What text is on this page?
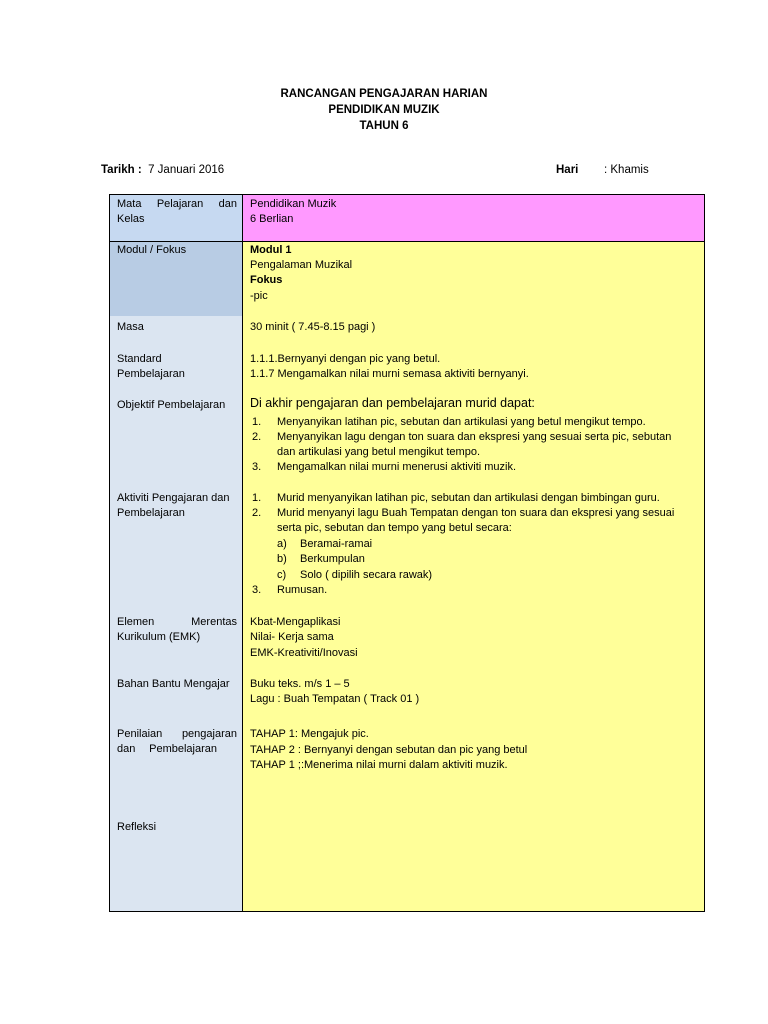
RANCANGAN PENGAJARAN HARIAN
PENDIDIKAN MUZIK
TAHUN 6
Tarikh : 7 Januari 2016	Hari : Khamis
Mata Pelajaran dan
Kelas
Modul / Fokus
Masa
Standard
Pembelajaran
Objektif Pembelajaran
Aktiviti Pengajaran dan
Pembelajaran
Elemen	Merentas
Kurikulum (EMK)
Bahan Bantu Mengajar
Penilaian pengajaran
dan Pembelajaran
Refleksi
Pendidikan Muzik
6 Berlian
Modul 1
Pengalaman Muzikal
Fokus
-pic
30 minit ( 7.45-8.15 pagi )
1.1.1.Bernyanyi dengan pic yang betul.
1.1.7 Mengamalkan nilai murni semasa aktiviti bernyanyi.
Di akhir pengajaran dan pembelajaran murid dapat:
1. Menyanyikan latihan pic, sebutan dan artikulasi yang betul mengikut tempo.
2. Menyanyikan lagu dengan ton suara dan ekspresi yang sesuai serta pic, sebutan
dan artikulasi yang betul mengikut tempo.
3. Mengamalkan nilai murni menerusi aktiviti muzik.
1. Murid menyanyikan latihan pic, sebutan dan artikulasi dengan bimbingan guru.
2. Murid menyanyi lagu Buah Tempatan dengan ton suara dan ekspresi yang sesuai
serta pic, sebutan dan tempo yang betul secara:
a) Beramai-ramai
b) Berkumpulan
c) Solo ( dipilih secara rawak)
3. Rumusan.
Kbat-Mengaplikasi
Nilai- Kerja sama
EMK-Kreativiti/Inovasi
Buku teks. m/s 1 – 5
Lagu : Buah Tempatan ( Track 01 )
TAHAP 1: Mengajuk pic.
TAHAP 2 : Bernyanyi dengan sebutan dan pic yang betul
TAHAP 1 ;:Menerima nilai murni dalam aktiviti muzik.
